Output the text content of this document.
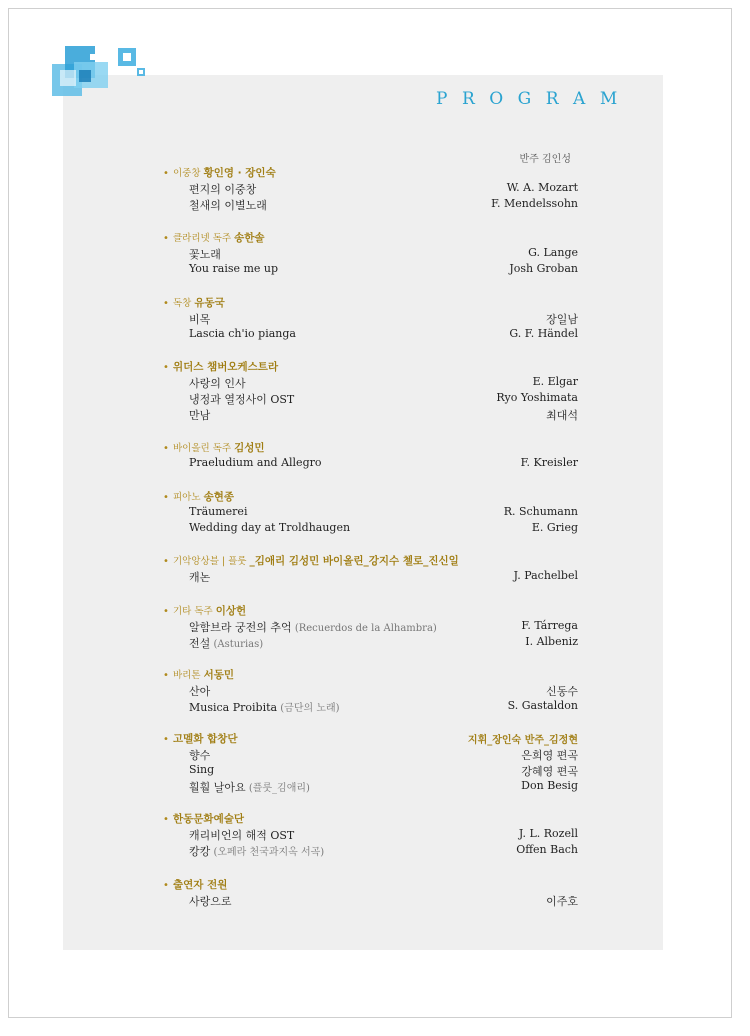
PROGRAM
반주 김인성
• 이중창 황인영 · 장인숙
편지의 이중창	W. A. Mozart
철새의 이별노래	F. Mendelssohn
• 클라리넷 독주 송한솔
꽃노래	G. Lange
You raise me up	Josh Groban
• 독창 유동국
비목	장일남
Lascia ch'io pianga	G. F. Händel
• 위더스 챔버오케스트라
사랑의 인사	E. Elgar
냉정과 열정사이 OST	Ryo Yoshimata
만남	최대석
• 바이올린 독주 김성민
Praeludium and Allegro	F. Kreisler
• 피아노 송현종
Träumerei	R. Schumann
Wedding day at Troldhaugen	E. Grieg
• 기악앙상블 | 플룻 _김애리 김성민 바이올린_강지수 첼로_진신일
캐논	J. Pachelbel
• 기타 독주 이상헌
알함브라 궁전의 추억 (Recuerdos de la Alhambra)	F. Tárrega
전설 (Asturias)	I. Albeniz
• 바리톤 서동민
산아	신동수
Musica Proibita (금단의 노래)	S. Gastaldon
• 고멜화 합창단	지휘_장인숙 반주_김정현
향수	은희영 편곡
Sing	강혜영 편곡
훨훨 날아요 (플룻_김애리)	Don Besig
• 한동문화예술단
캐리비언의 해적 OST	J. L. Rozell
캉캉 (오페라 천국과지옥 서곡)	Offen Bach
• 출연자 전원
사랑으로	이주호
